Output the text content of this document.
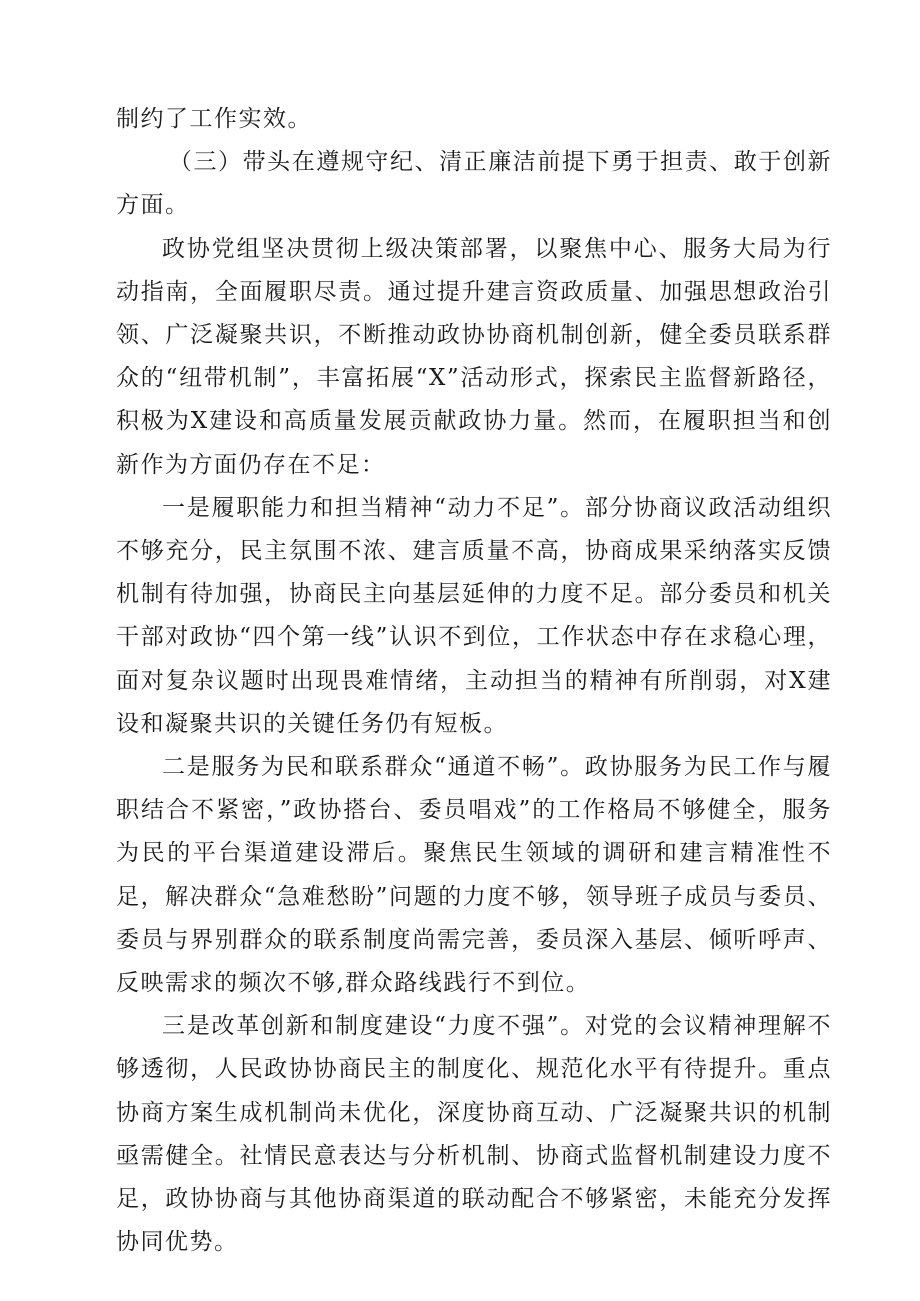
制约了工作实效。

（三）带头在遵规守纪、清正廉洁前提下勇于担责、敢于创新方面。

政协党组坚决贯彻上级决策部署，以聚焦中心、服务大局为行动指南，全面履职尽责。通过提升建言资政质量、加强思想政治引领、广泛凝聚共识，不断推动政协协商机制创新，健全委员联系群众的“纽带机制”，丰富拓展“X”活动形式，探索民主监督新路径，积极为X建设和高质量发展贡献政协力量。然而，在履职担当和创新作为方面仍存在不足：

一是履职能力和担当精神“动力不足”。部分协商议政活动组织不够充分，民主氛围不浓、建言质量不高，协商成果采纳落实反馈机制有待加强，协商民主向基层延伸的力度不足。部分委员和机关干部对政协“四个第一线”认识不到位，工作状态中存在求稳心理，面对复杂议题时出现畏难情绪，主动担当的精神有所削弱，对X建设和凝聚共识的关键任务仍有短板。

二是服务为民和联系群众“通道不畅”。政协服务为民工作与履职结合不紧密，”政协搭台、委员唱戏”的工作格局不够健全，服务为民的平台渠道建设滞后。聚焦民生领域的调研和建言精准性不足，解决群众“急难愁盼”问题的力度不够，领导班子成员与委员、委员与界别群众的联系制度尚需完善，委员深入基层、倾听呼声、反映需求的频次不够,群众路线践行不到位。

三是改革创新和制度建设“力度不强”。对党的会议精神理解不够透彻，人民政协协商民主的制度化、规范化水平有待提升。重点协商方案生成机制尚未优化，深度协商互动、广泛凝聚共识的机制亟需健全。社情民意表达与分析机制、协商式监督机制建设力度不足，政协协商与其他协商渠道的联动配合不够紧密，未能充分发挥协同优势。
